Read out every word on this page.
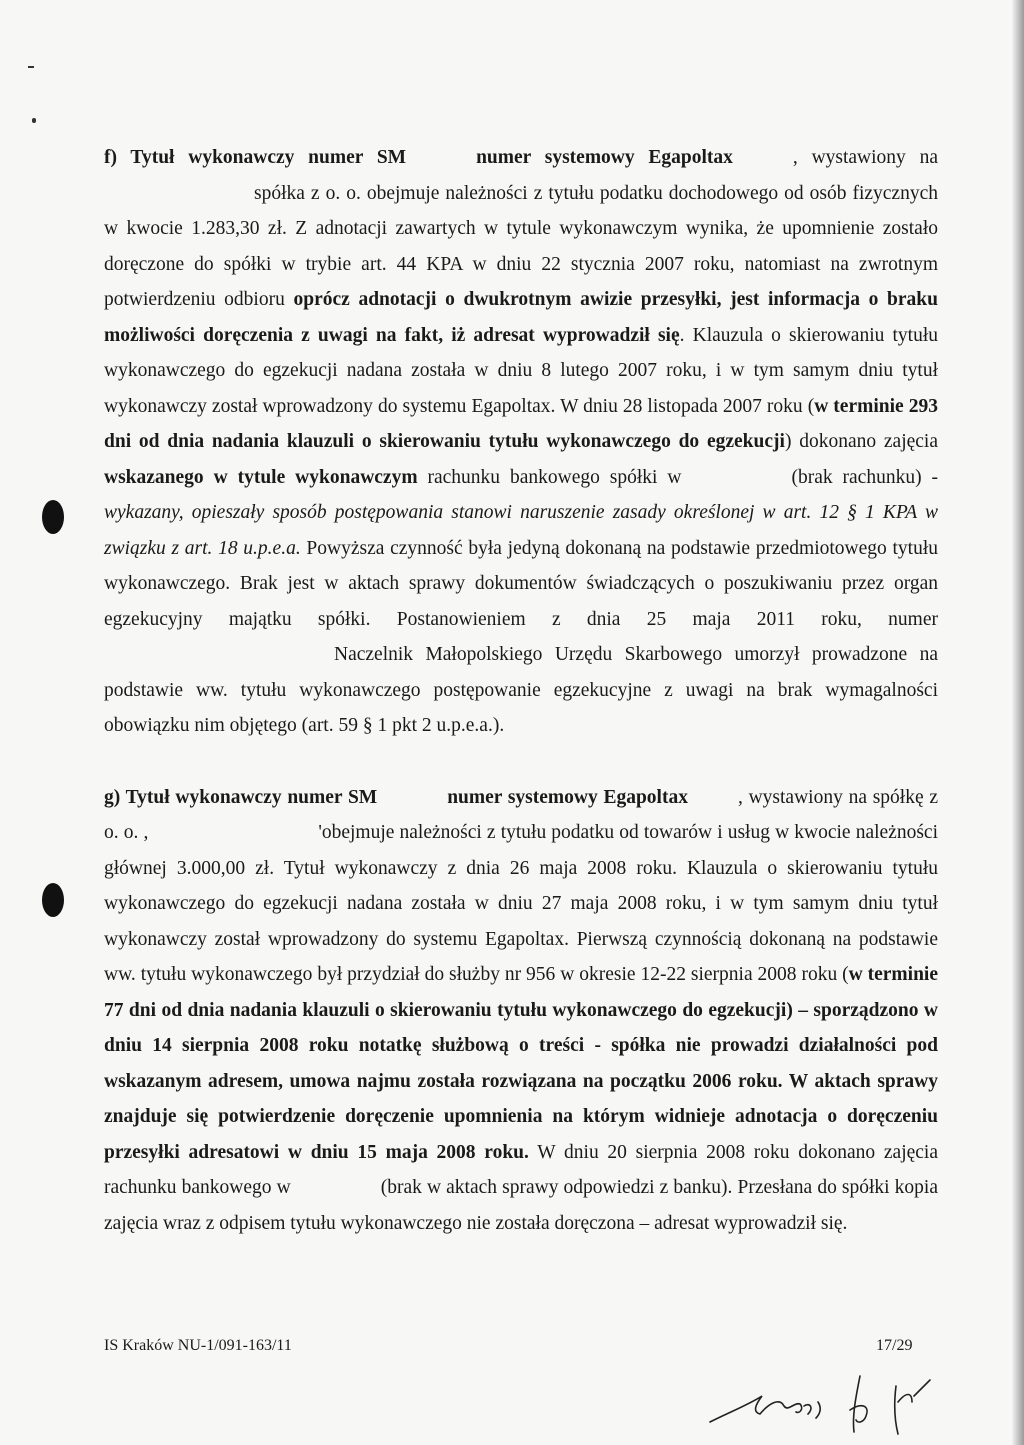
f) Tytuł wykonawczy numer SM	numer systemowy Egapoltax	, wystawiony naspółka z o. o. obejmuje należności z tytułu podatku dochodowego od osób fizycznych w kwocie 1.283,30 zł. Z adnotacji zawartych w tytule wykonawczym wynika, że upomnienie zostało doręczone do spółki w trybie art. 44 KPA w dniu 22 stycznia 2007 roku, natomiast na zwrotnym potwierdzeniu odbioru oprócz adnotacji o dwukrotnym awizie przesyłki, jest informacja o braku możliwości doręczenia z uwagi na fakt, iż adresat wyprowadził się. Klauzula o skierowaniu tytułu wykonawczego do egzekucji nadana została w dniu 8 lutego 2007 roku, i w tym samym dniu tytuł wykonawczy został wprowadzony do systemu Egapoltax. W dniu 28 listopada 2007 roku (w terminie 293 dni od dnia nadania klauzuli o skierowaniu tytułu wykonawczego do egzekucji) dokonano zajęcia wskazanego w tytule wykonawczym rachunku bankowego spółki w	(brak rachunku) - wykazany, opieszały sposób postępowania stanowi naruszenie zasady określonej w art. 12 § 1 KPA w związku z art. 18 u.p.e.a. Powyższa czynność była jedyną dokonaną na podstawie przedmiotowego tytułu wykonawczego. Brak jest w aktach sprawy dokumentów świadczących o poszukiwaniu przez organ egzekucyjny majątku spółki. Postanowieniem z dnia 25 maja 2011 roku, numerNaczelnik Małopolskiego Urzędu Skarbowego umorzył prowadzone na podstawie ww. tytułu wykonawczego postępowanie egzekucyjne z uwagi na brak wymagalności obowiązku nim objętego (art. 59 § 1 pkt 2 u.p.e.a.).

g) Tytuł wykonawczy numer SM	numer systemowy Egapoltax	, wystawiony na spółkę z o. o. ,	'obejmuje należności z tytułu podatku od towarów i usług w kwocie należności głównej 3.000,00 zł. Tytuł wykonawczy z dnia 26 maja 2008 roku. Klauzula o skierowaniu tytułu wykonawczego do egzekucji nadana została w dniu 27 maja 2008 roku, i w tym samym dniu tytuł wykonawczy został wprowadzony do systemu Egapoltax. Pierwszą czynnością dokonaną na podstawie ww. tytułu wykonawczego był przydział do służby nr 956 w okresie 12-22 sierpnia 2008 roku (w terminie 77 dni od dnia nadania klauzuli o skierowaniu tytułu wykonawczego do egzekucji) – sporządzono w dniu 14 sierpnia 2008 roku notatkę służbową o treści - spółka nie prowadzi działalności pod wskazanym adresem, umowa najmu została rozwiązana na początku 2006 roku. W aktach sprawy znajduje się potwierdzenie doręczenie upomnienia na którym widnieje adnotacja o doręczeniu przesyłki adresatowi w dniu 15 maja 2008 roku. W dniu 20 sierpnia 2008 roku dokonano zajęcia rachunku bankowego w	(brak w aktach sprawy odpowiedzi z banku). Przesłana do spółki kopia zajęcia wraz z odpisem tytułu wykonawczego nie została doręczona – adresat wyprowadził się.

IS Kraków NU-1/091-163/11	17/29
